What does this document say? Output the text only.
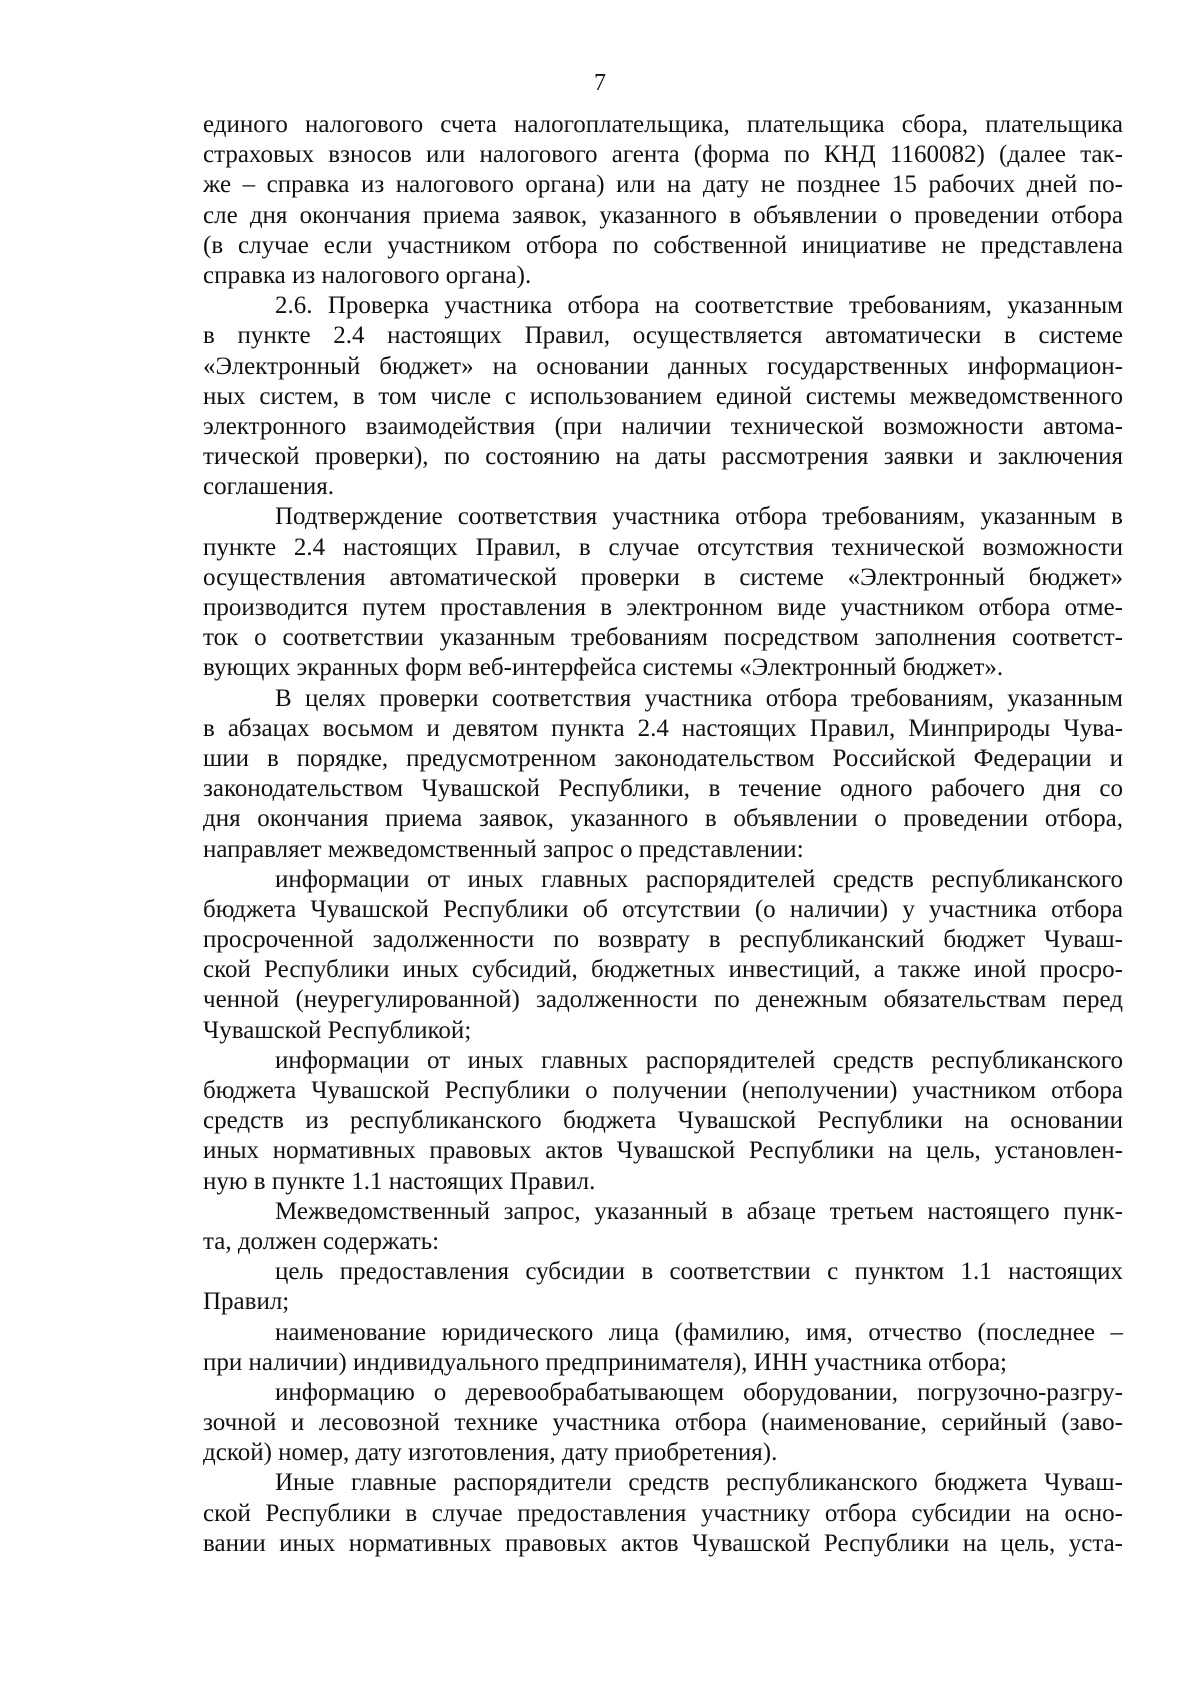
7
единого налогового счета налогоплательщика, плательщика сбора, плательщика
страховых взносов или налогового агента (форма по КНД 1160082) (далее так-
же – справка из налогового органа) или на дату не позднее 15 рабочих дней по-
сле дня окончания приема заявок, указанного в объявлении о проведении отбора
(в случае если участником отбора по собственной инициативе не представлена
справка из налогового органа).
2.6. Проверка участника отбора на соответствие требованиям, указанным
в пункте 2.4 настоящих Правил, осуществляется автоматически в системе
«Электронный бюджет» на основании данных государственных информацион-
ных систем, в том числе с использованием единой системы межведомственного
электронного взаимодействия (при наличии технической возможности автома-
тической проверки), по состоянию на даты рассмотрения заявки и заключения
соглашения.
Подтверждение соответствия участника отбора требованиям, указанным в
пункте 2.4 настоящих Правил, в случае отсутствия технической возможности
осуществления автоматической проверки в системе «Электронный бюджет»
производится путем проставления в электронном виде участником отбора отме-
ток о соответствии указанным требованиям посредством заполнения соответст-
вующих экранных форм веб-интерфейса системы «Электронный бюджет».
В целях проверки соответствия участника отбора требованиям, указанным
в абзацах восьмом и девятом пункта 2.4 настоящих Правил, Минприроды Чува-
шии в порядке, предусмотренном законодательством Российской Федерации и
законодательством Чувашской Республики, в течение одного рабочего дня со
дня окончания приема заявок, указанного в объявлении о проведении отбора,
направляет межведомственный запрос о представлении:
информации от иных главных распорядителей средств республиканского
бюджета Чувашской Республики об отсутствии (о наличии) у участника отбора
просроченной задолженности по возврату в республиканский бюджет Чуваш-
ской Республики иных субсидий, бюджетных инвестиций, а также иной просро-
ченной (неурегулированной) задолженности по денежным обязательствам перед
Чувашской Республикой;
информации от иных главных распорядителей средств республиканского
бюджета Чувашской Республики о получении (неполучении) участником отбора
средств из республиканского бюджета Чувашской Республики на основании
иных нормативных правовых актов Чувашской Республики на цель, установлен-
ную в пункте 1.1 настоящих Правил.
Межведомственный запрос, указанный в абзаце третьем настоящего пунк-
та, должен содержать:
цель предоставления субсидии в соответствии с пунктом 1.1 настоящих
Правил;
наименование юридического лица (фамилию, имя, отчество (последнее –
при наличии) индивидуального предпринимателя), ИНН участника отбора;
информацию о деревообрабатывающем оборудовании, погрузочно-разгру-
зочной и лесовозной технике участника отбора (наименование, серийный (заво-
дской) номер, дату изготовления, дату приобретения).
Иные главные распорядители средств республиканского бюджета Чуваш-
ской Республики в случае предоставления участнику отбора субсидии на осно-
вании иных нормативных правовых актов Чувашской Республики на цель, уста-
